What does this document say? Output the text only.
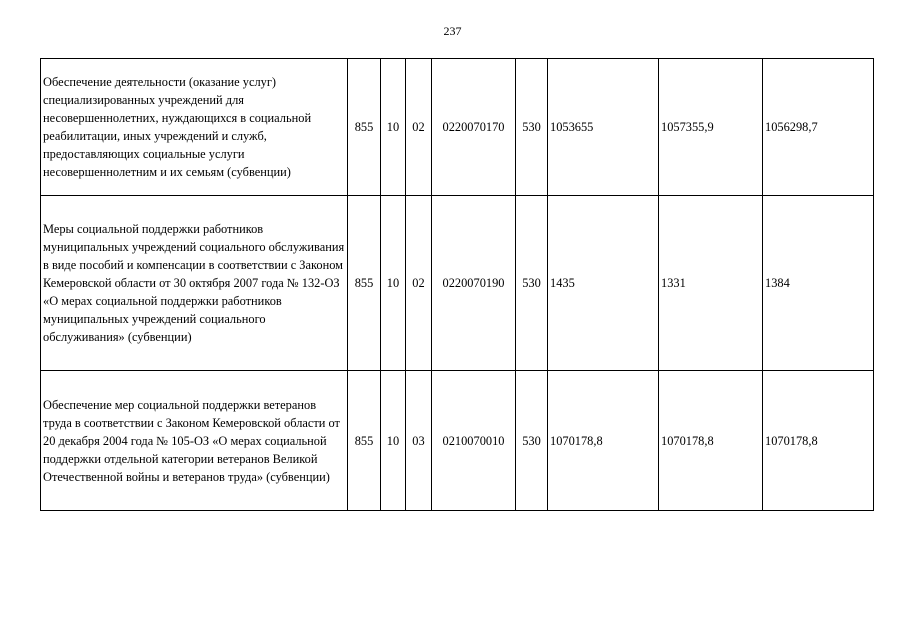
237
Обеспечение деятельности (оказание услуг) специализированных учреждений для несовершеннолетних, нуждающихся в социальной реабилитации, иных учреждений и служб, предоставляющих социальные услуги несовершеннолетним и их семьям (субвенции)	855	10	02	0220070170	530	1053655	1057355,9	1056298,7
Меры социальной поддержки работников муниципальных учреждений социального обслуживания в виде пособий и компенсации в соответствии с Законом Кемеровской области от 30 октября 2007 года № 132-ОЗ «О мерах социальной поддержки работников муниципальных учреждений социального обслуживания» (субвенции)	855	10	02	0220070190	530	1435	1331	1384
Обеспечение мер социальной поддержки ветеранов труда в соответствии с Законом Кемеровской области от 20 декабря 2004 года № 105-ОЗ «О мерах социальной поддержки отдельной категории ветеранов Великой Отечественной войны и ветеранов труда» (субвенции)	855	10	03	0210070010	530	1070178,8	1070178,8	1070178,8
